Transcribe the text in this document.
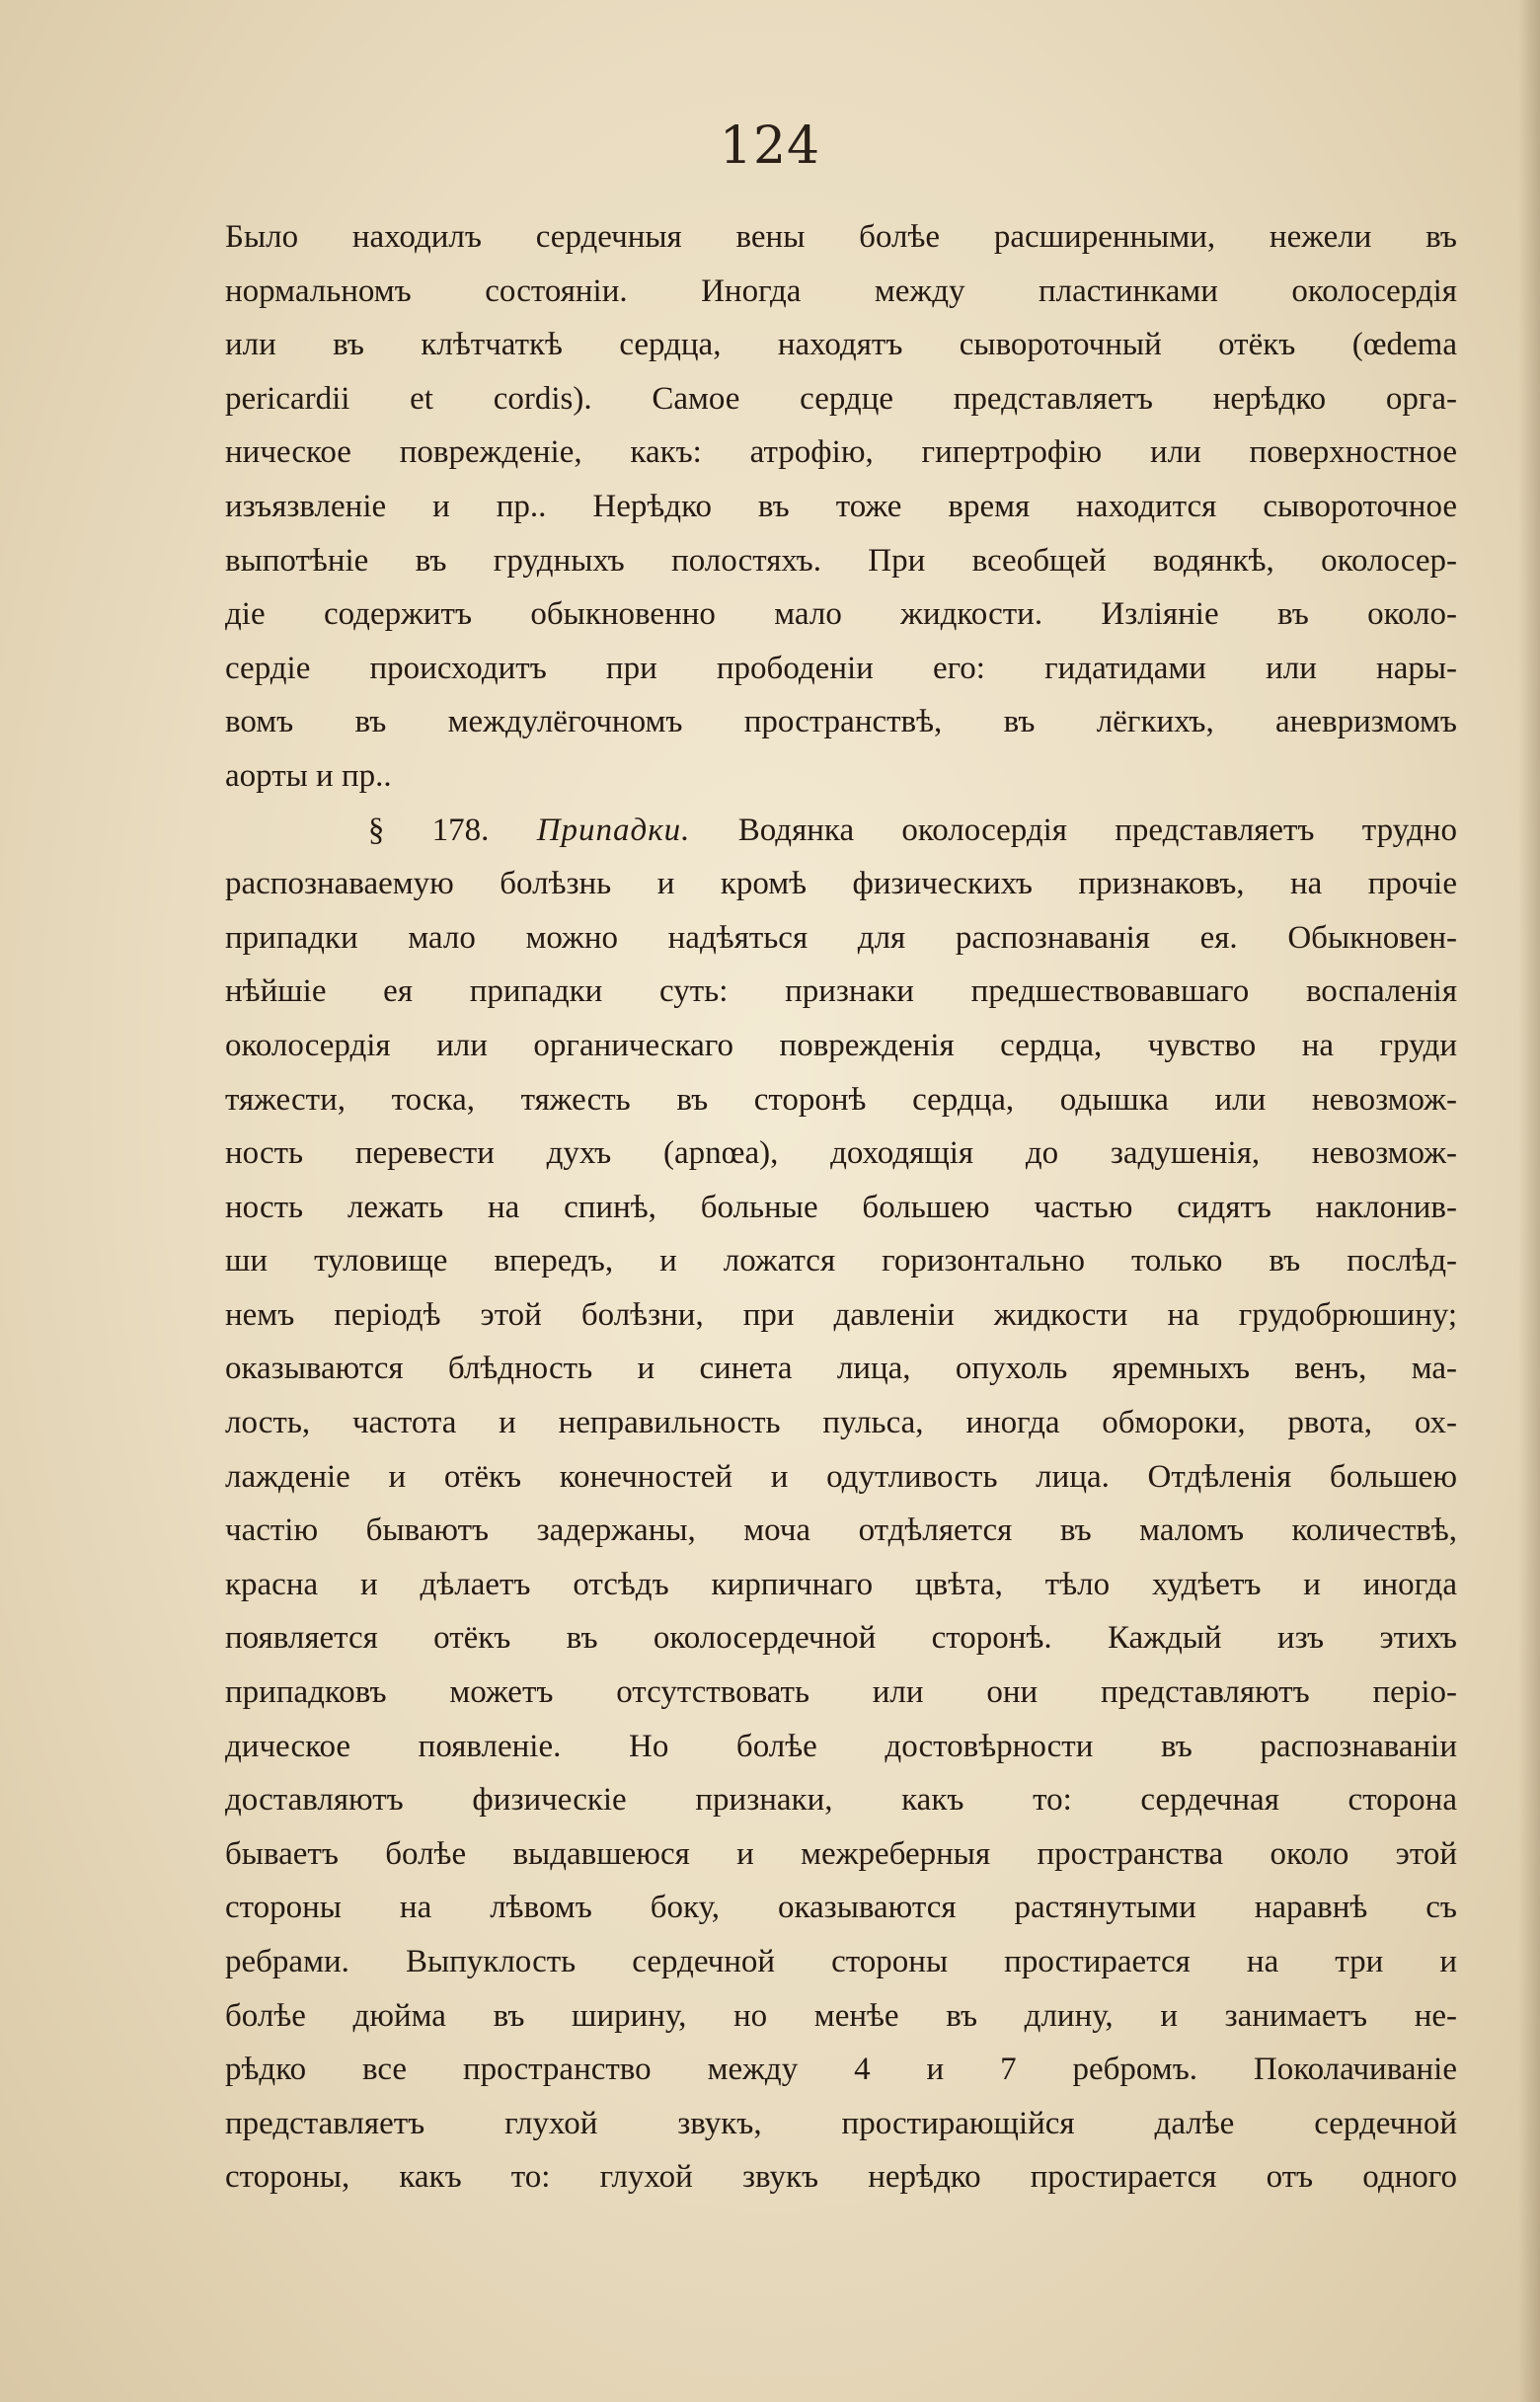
124
Было находилъ сердечныя вены болѣе расширенными, нежели въ
нормальномъ состояніи. Иногда между пластинками околосердія
или въ клѣтчаткѣ сердца, находятъ сывороточный отёкъ (œdema
pericardii et cordis). Самое сердце представляетъ нерѣдко орга-
ническое поврежденіе, какъ: атрофію, гипертрофію или поверхностное
изъязвленіе и пр.. Нерѣдко въ тоже время находится сывороточное
выпотѣніе въ грудныхъ полостяхъ. При всеобщей водянкѣ, околосер-
діе содержитъ обыкновенно мало жидкости. Изліяніе въ около-
сердіе происходитъ при прободеніи его: гидатидами или нары-
вомъ въ междулёгочномъ пространствѣ, въ лёгкихъ, аневризмомъ
аорты и пр..
§ 178. Припадки. Водянка околосердія представляетъ трудно
распознаваемую болѣзнь и кромѣ физическихъ признаковъ, на прочіе
припадки мало можно надѣяться для распознаванія ея. Обыкновен-
нѣйшіе ея припадки суть: признаки предшествовавшаго воспаленія
околосердія или органическаго поврежденія сердца, чувство на груди
тяжести, тоска, тяжесть въ сторонѣ сердца, одышка или невозмож-
ность перевести духъ (apnœa), доходящія до задушенія, невозмож-
ность лежать на спинѣ, больные большею частью сидятъ наклонив-
ши туловище впередъ, и ложатся горизонтально только въ послѣд-
немъ періодѣ этой болѣзни, при давленіи жидкости на грудобрюшину;
оказываются блѣдность и синета лица, опухоль яремныхъ венъ, ма-
лость, частота и неправильность пульса, иногда обмороки, рвота, ох-
лажденіе и отёкъ конечностей и одутливость лица. Отдѣленія большею
частію бываютъ задержаны, моча отдѣляется въ маломъ количествѣ,
красна и дѣлаетъ отсѣдъ кирпичнаго цвѣта, тѣло худѣетъ и иногда
появляется отёкъ въ околосердечной сторонѣ. Каждый изъ этихъ
припадковъ можетъ отсутствовать или они представляютъ періо-
дическое появленіе. Но болѣе достовѣрности въ распознаваніи
доставляютъ физическіе признаки, какъ то: сердечная сторона
бываетъ болѣе выдавшеюся и межреберныя пространства около этой
стороны на лѣвомъ боку, оказываются растянутыми наравнѣ съ
ребрами. Выпуклость сердечной стороны простирается на три и
болѣе дюйма въ ширину, но менѣе въ длину, и занимаетъ не-
рѣдко все пространство между 4 и 7 ребромъ. Поколачиваніе
представляетъ глухой звукъ, простирающійся далѣе сердечной
стороны, какъ то: глухой звукъ нерѣдко простирается отъ одного
